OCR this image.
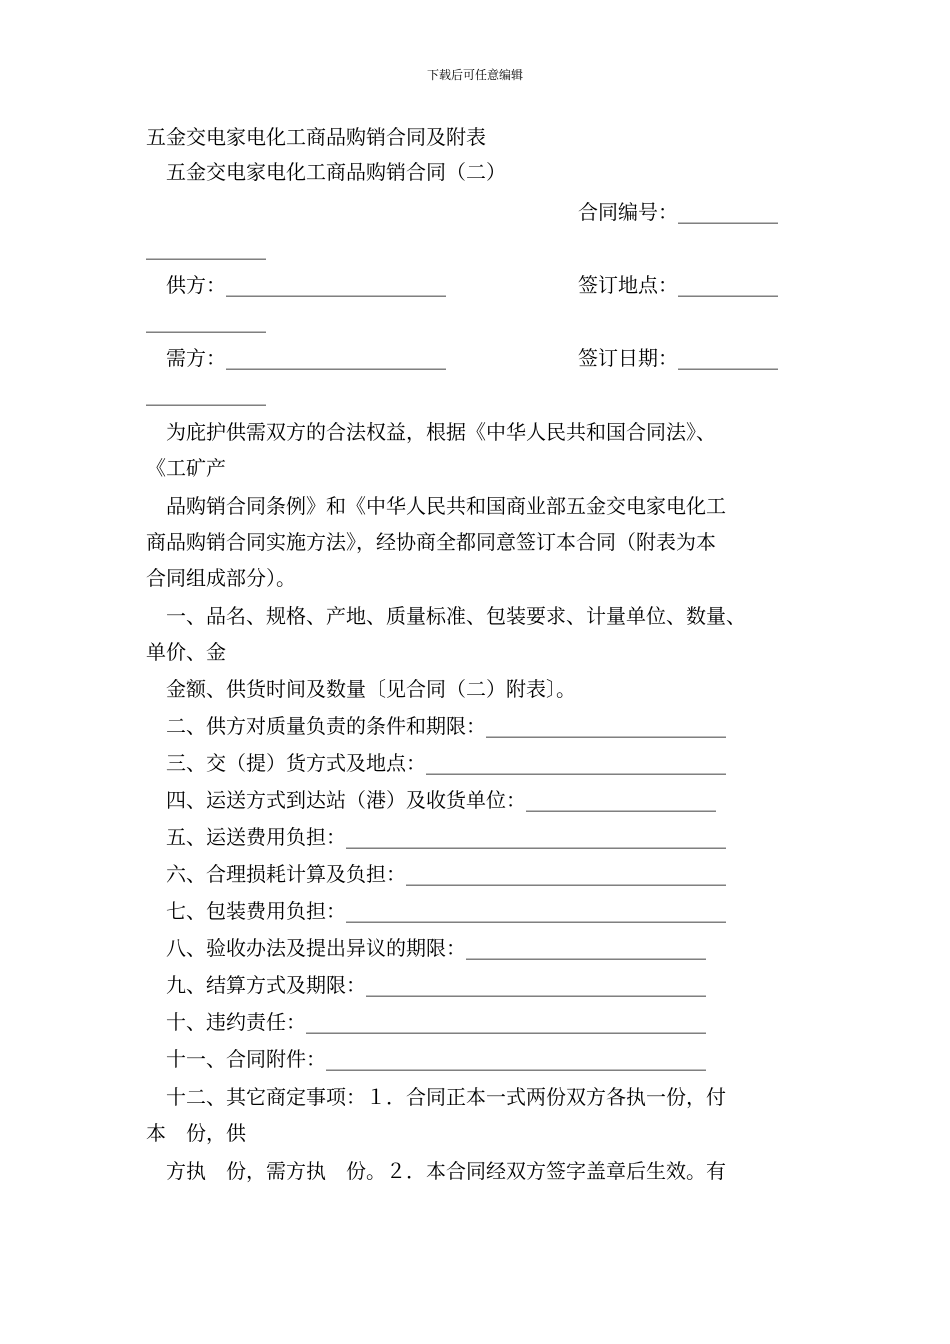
下载后可任意编辑
五金交电家电化工商品购销合同及附表
五金交电家电化工商品购销合同（二）
合同编号：__________
____________
供方：______________________	签订地点：__________
____________
需方：______________________	签订日期：__________
____________
为庇护供需双方的合法权益，根据《中华人民共和国合同法》、
《工矿产
品购销合同条例》和《中华人民共和国商业部五金交电家电化工
商品购销合同实施方法》，经协商全都同意签订本合同（附表为本
合同组成部分）。
一、品名、规格、产地、质量标准、包装要求、计量单位、数量、
单价、金
金额、供货时间及数量〔见合同（二）附表〕。
二、供方对质量负责的条件和期限：________________________
三、交（提）货方式及地点：______________________________
四、运送方式到达站（港）及收货单位：___________________
五、运送费用负担：______________________________________
六、合理损耗计算及负担：________________________________
七、包装费用负担：______________________________________
八、验收办法及提出异议的期限：________________________
九、结算方式及期限：__________________________________
十、违约责任：________________________________________
十一、合同附件：______________________________________
十二、其它商定事项：１．合同正本一式两份双方各执一份，付
本　份，供
方执　份，需方执　份。２．本合同经双方签字盖章后生效。有
